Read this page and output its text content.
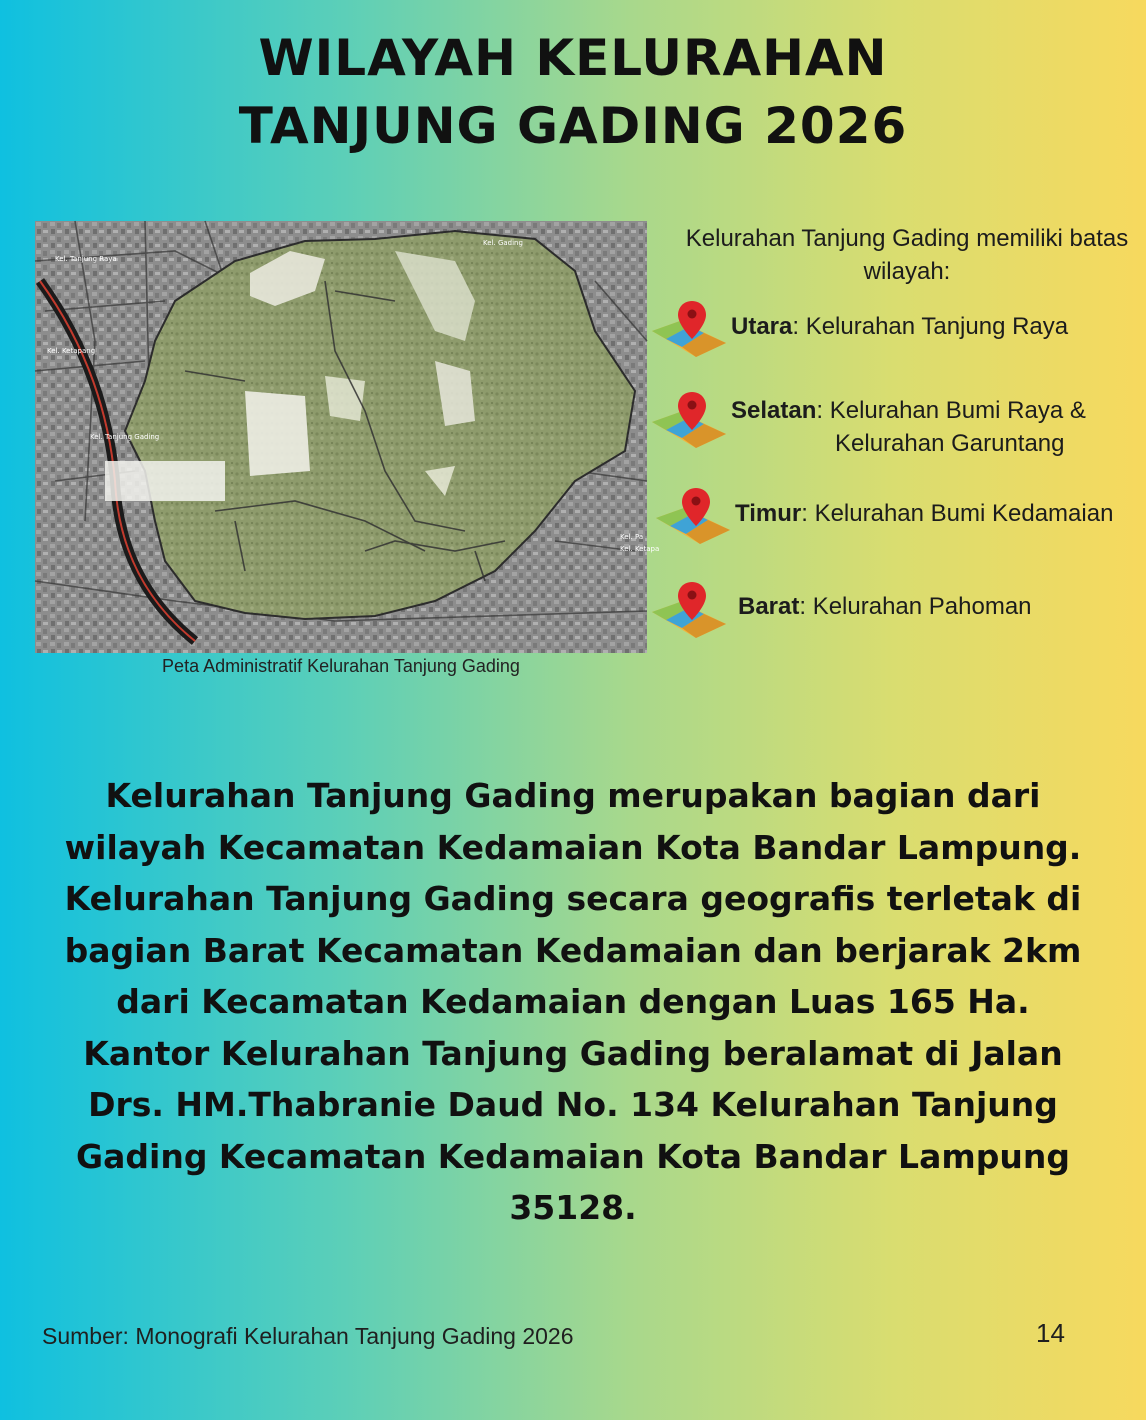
WILAYAH KELURAHAN
TANJUNG GADING 2026
Kel. Tanjung Raya
Kel. Ketapang
Kel. Tanjung Gading
Kel. Pa
Kel. Ketapa
Kel. Gading
Peta Administratif Kelurahan Tanjung Gading
Kelurahan Tanjung Gading memiliki batas wilayah:
Utara: Kelurahan Tanjung Raya
Selatan: Kelurahan Bumi Raya &
Kelurahan Garuntang
Timur: Kelurahan Bumi Kedamaian
Barat: Kelurahan Pahoman
Kelurahan Tanjung Gading merupakan bagian dari
wilayah Kecamatan Kedamaian Kota Bandar Lampung.
Kelurahan Tanjung Gading secara geografis terletak di
bagian Barat Kecamatan Kedamaian dan berjarak 2km
dari Kecamatan Kedamaian dengan Luas 165 Ha.
Kantor Kelurahan Tanjung Gading beralamat di Jalan
Drs. HM.Thabranie Daud No. 134 Kelurahan Tanjung
Gading Kecamatan Kedamaian Kota Bandar Lampung
35128.
Sumber: Monografi Kelurahan Tanjung Gading 2026	14
